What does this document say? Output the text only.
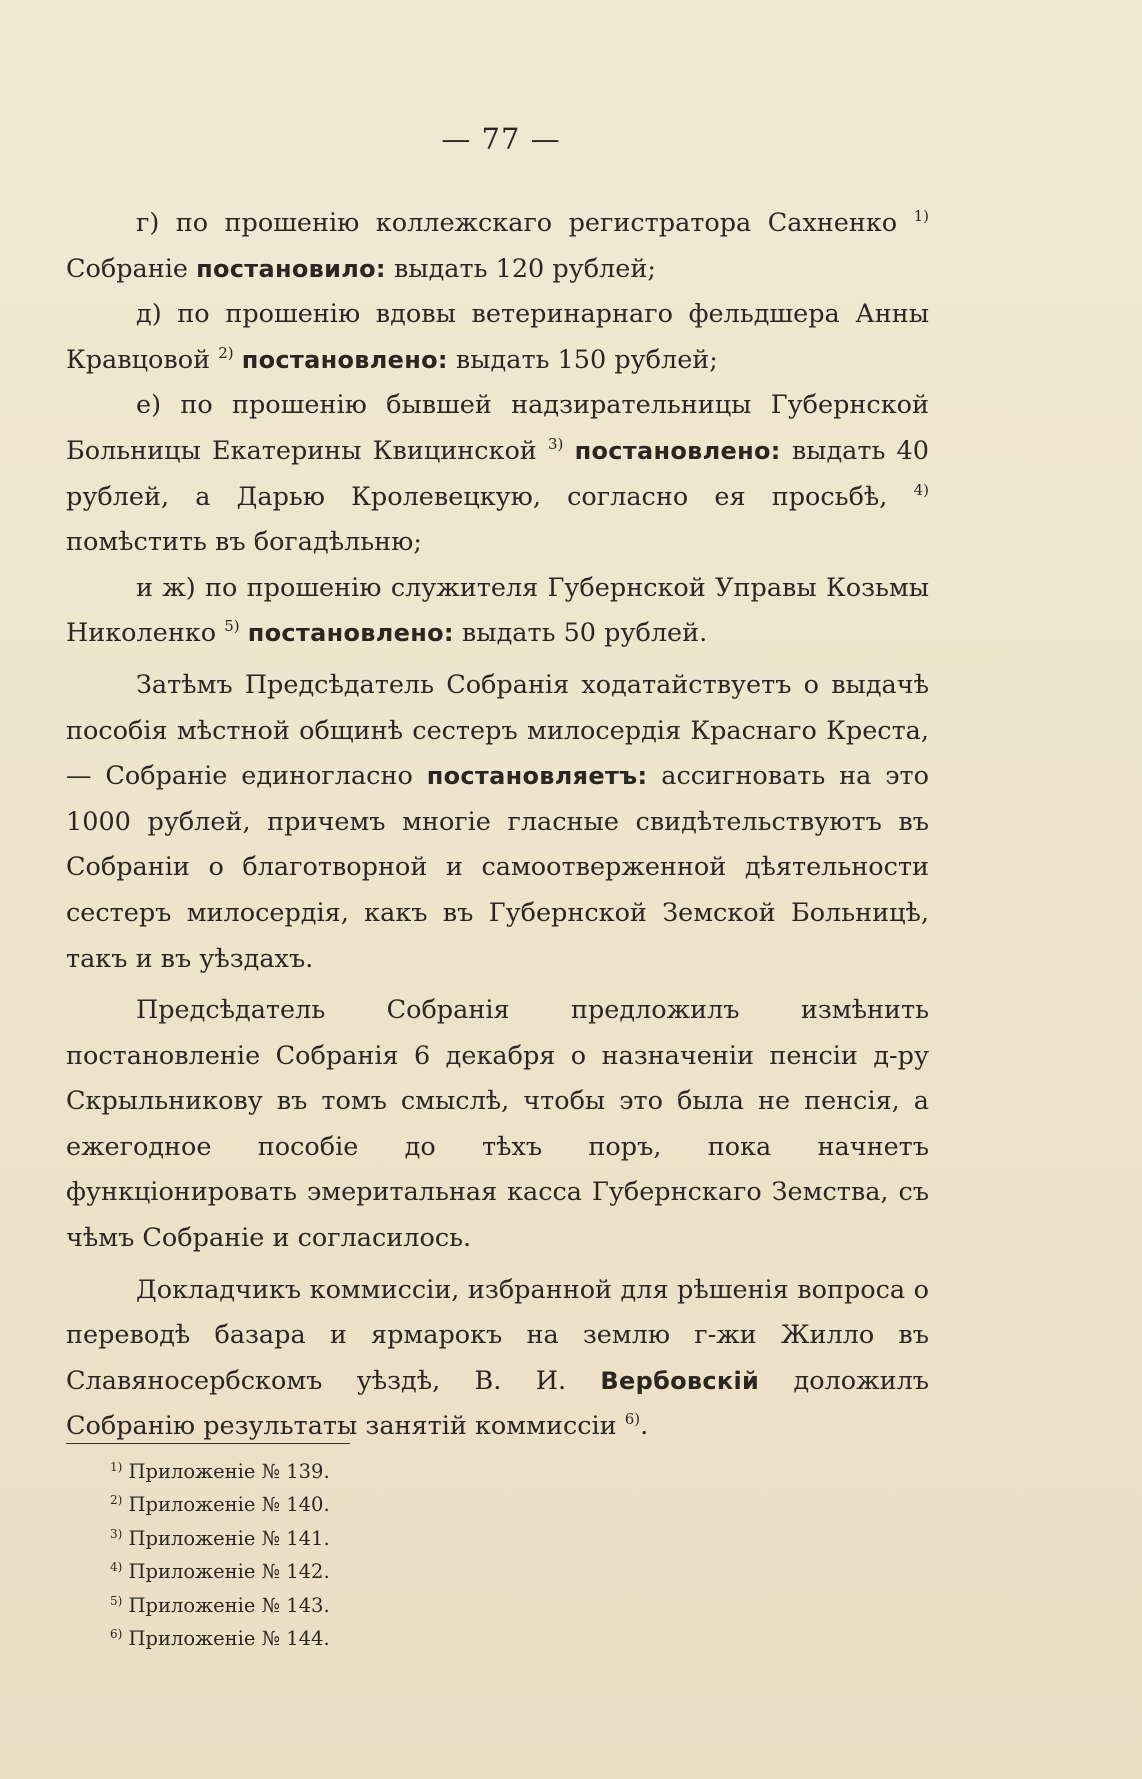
— 77 —

г) по прошенію коллежскаго регистратора Сахненко $^{1)}$ Собраніе постановило: выдать 120 рублей;

д) по прошенію вдовы ветеринарнаго фельдшера Анны Кравцовой $^{2)}$ постановлено: выдать 150 рублей;

е) по прошенію бывшей надзирательницы Губернской Больницы Екатерины Квицинской $^{3)}$ постановлено: выдать 40 рублей, а Дарью Кролевецкую, согласно ея просьбѣ, $^{4)}$ помѣстить въ богадѣльню;

и ж) по прошенію служителя Губернской Управы Козьмы Николенко $^{5)}$ постановлено: выдать 50 рублей.

Затѣмъ Предсѣдатель Собранія ходатайствуетъ о выдачѣ пособія мѣстной общинѣ сестеръ милосердія Краснаго Креста,— Собраніе единогласно постановляетъ: ассигновать на это 1000 рублей, причемъ многіе гласные свидѣтельствуютъ въ Собраніи о благотворной и самоотверженной дѣятельности сестеръ милосердія, какъ въ Губернской Земской Больницѣ, такъ и въ уѣздахъ.

Предсѣдатель Собранія предложилъ измѣнить постановленіе Собранія 6 декабря о назначеніи пенсіи д-ру Скрыльникову въ томъ смыслѣ, чтобы это была не пенсія, а ежегодное пособіе до тѣхъ поръ, пока начнетъ функціонировать эмеритальная касса Губернскаго Земства, съ чѣмъ Собраніе и согласилось.

Докладчикъ коммиссіи, избранной для рѣшенія вопроса о переводѣ базара и ярмарокъ на землю г-жи Жилло въ Славяносербскомъ уѣздѣ, В. И. Вербовскій доложилъ Собранію результаты занятій коммиссіи $^{6)}$.

$^{1)}$ Приложеніе № 139.
$^{2)}$ Приложеніе № 140.
$^{3)}$ Приложеніе № 141.
$^{4)}$ Приложеніе № 142.
$^{5)}$ Приложеніе № 143.
$^{6)}$ Приложеніе № 144.
